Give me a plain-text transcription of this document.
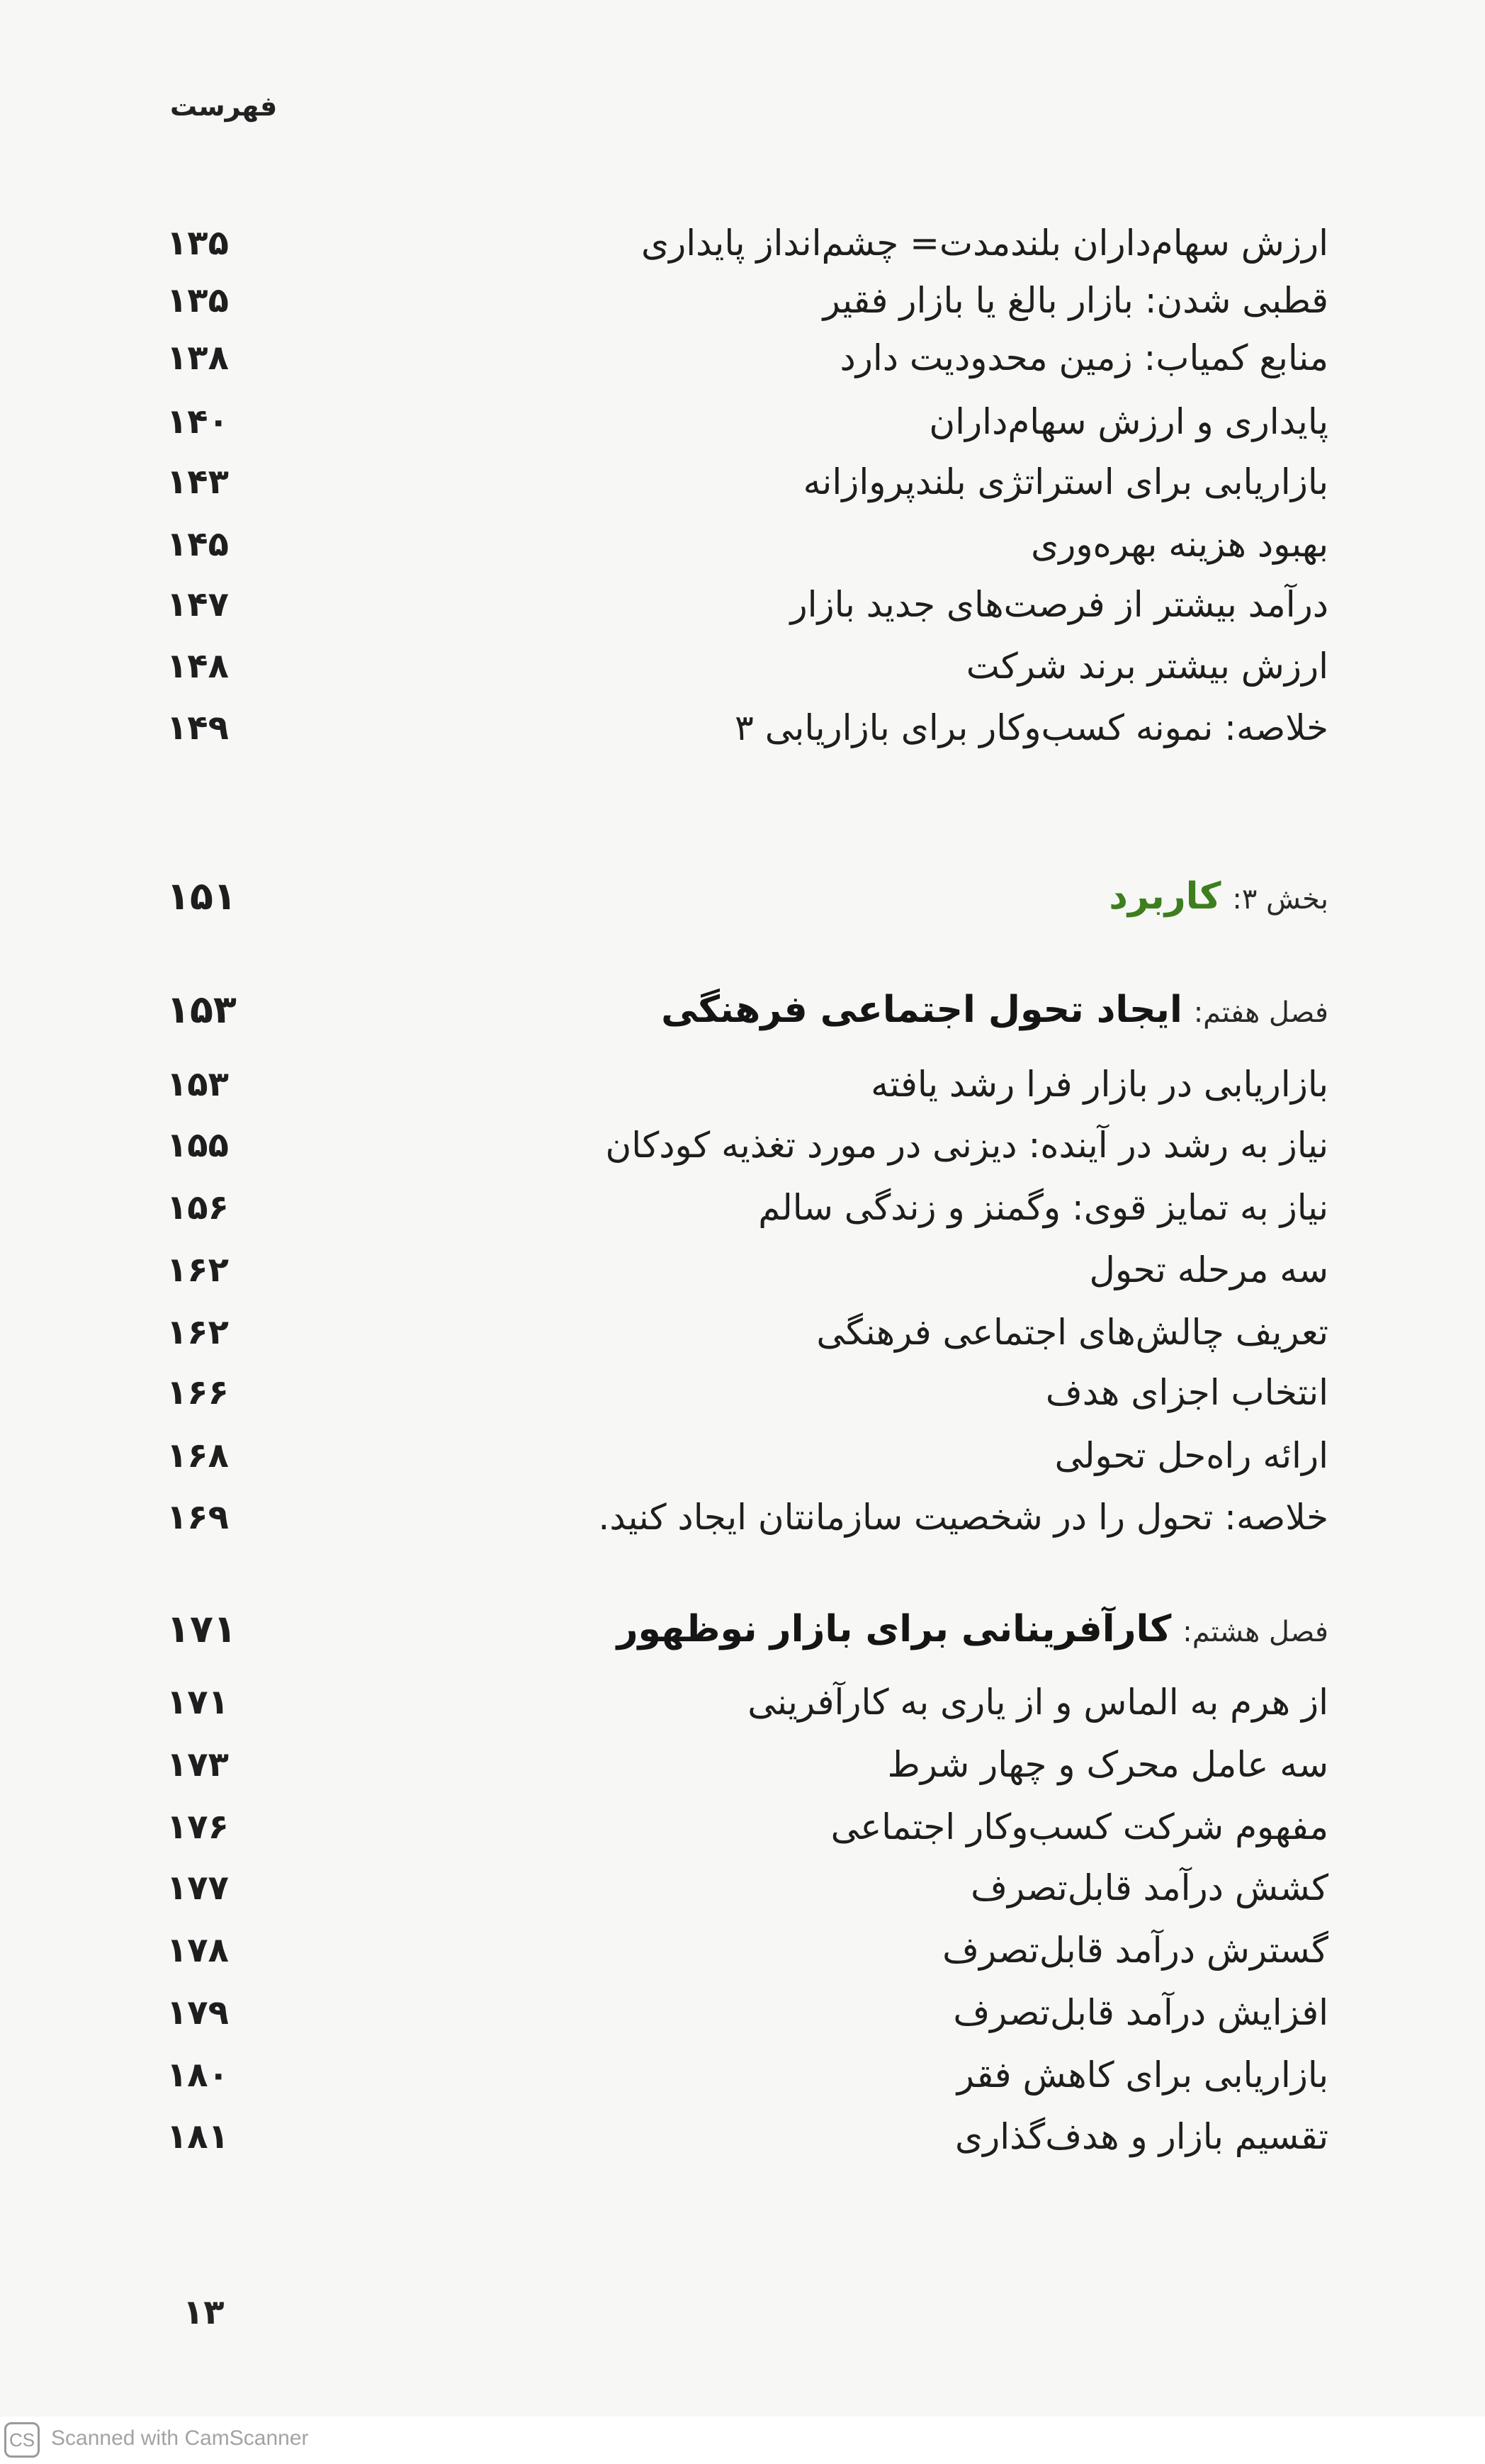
فهرست
ارزش سهام‌داران بلندمدت= چشم‌انداز پایداری
۱۳۵
قطبی شدن: بازار بالغ یا بازار فقیر
۱۳۵
منابع کمیاب: زمین محدودیت دارد
۱۳۸
پایداری و ارزش سهام‌داران
۱۴۰
بازاریابی برای استراتژی بلندپروازانه
۱۴۳
بهبود هزینه بهره‌وری
۱۴۵
درآمد بیشتر از فرصت‌های جدید بازار
۱۴۷
ارزش بیشتر برند شرکت
۱۴۸
خلاصه: نمونه کسب‌وکار برای بازاریابی ۳
۱۴۹
بخش ۳: کاربرد
۱۵۱
فصل هفتم: ایجاد تحول اجتماعی فرهنگی
۱۵۳
بازاریابی در بازار فرا رشد یافته
۱۵۳
نیاز به رشد در آینده: دیزنی در مورد تغذیه کودکان
۱۵۵
نیاز به تمایز قوی: وگمنز و زندگی سالم
۱۵۶
سه مرحله تحول
۱۶۲
تعریف چالش‌های اجتماعی فرهنگی
۱۶۲
انتخاب اجزای هدف
۱۶۶
ارائه راه‌حل تحولی
۱۶۸
خلاصه: تحول را در شخصیت سازمانتان ایجاد کنید.
۱۶۹
فصل هشتم: کارآفرینانی برای بازار نوظهور
۱۷۱
از هرم به الماس و از یاری به کارآفرینی
۱۷۱
سه عامل محرک و چهار شرط
۱۷۳
مفهوم شرکت کسب‌وکار اجتماعی
۱۷۶
کشش درآمد قابل‌تصرف
۱۷۷
گسترش درآمد قابل‌تصرف
۱۷۸
افزایش درآمد قابل‌تصرف
۱۷۹
بازاریابی برای کاهش فقر
۱۸۰
تقسیم بازار و هدف‌گذاری
۱۸۱
۱۳
CS Scanned with CamScanner
